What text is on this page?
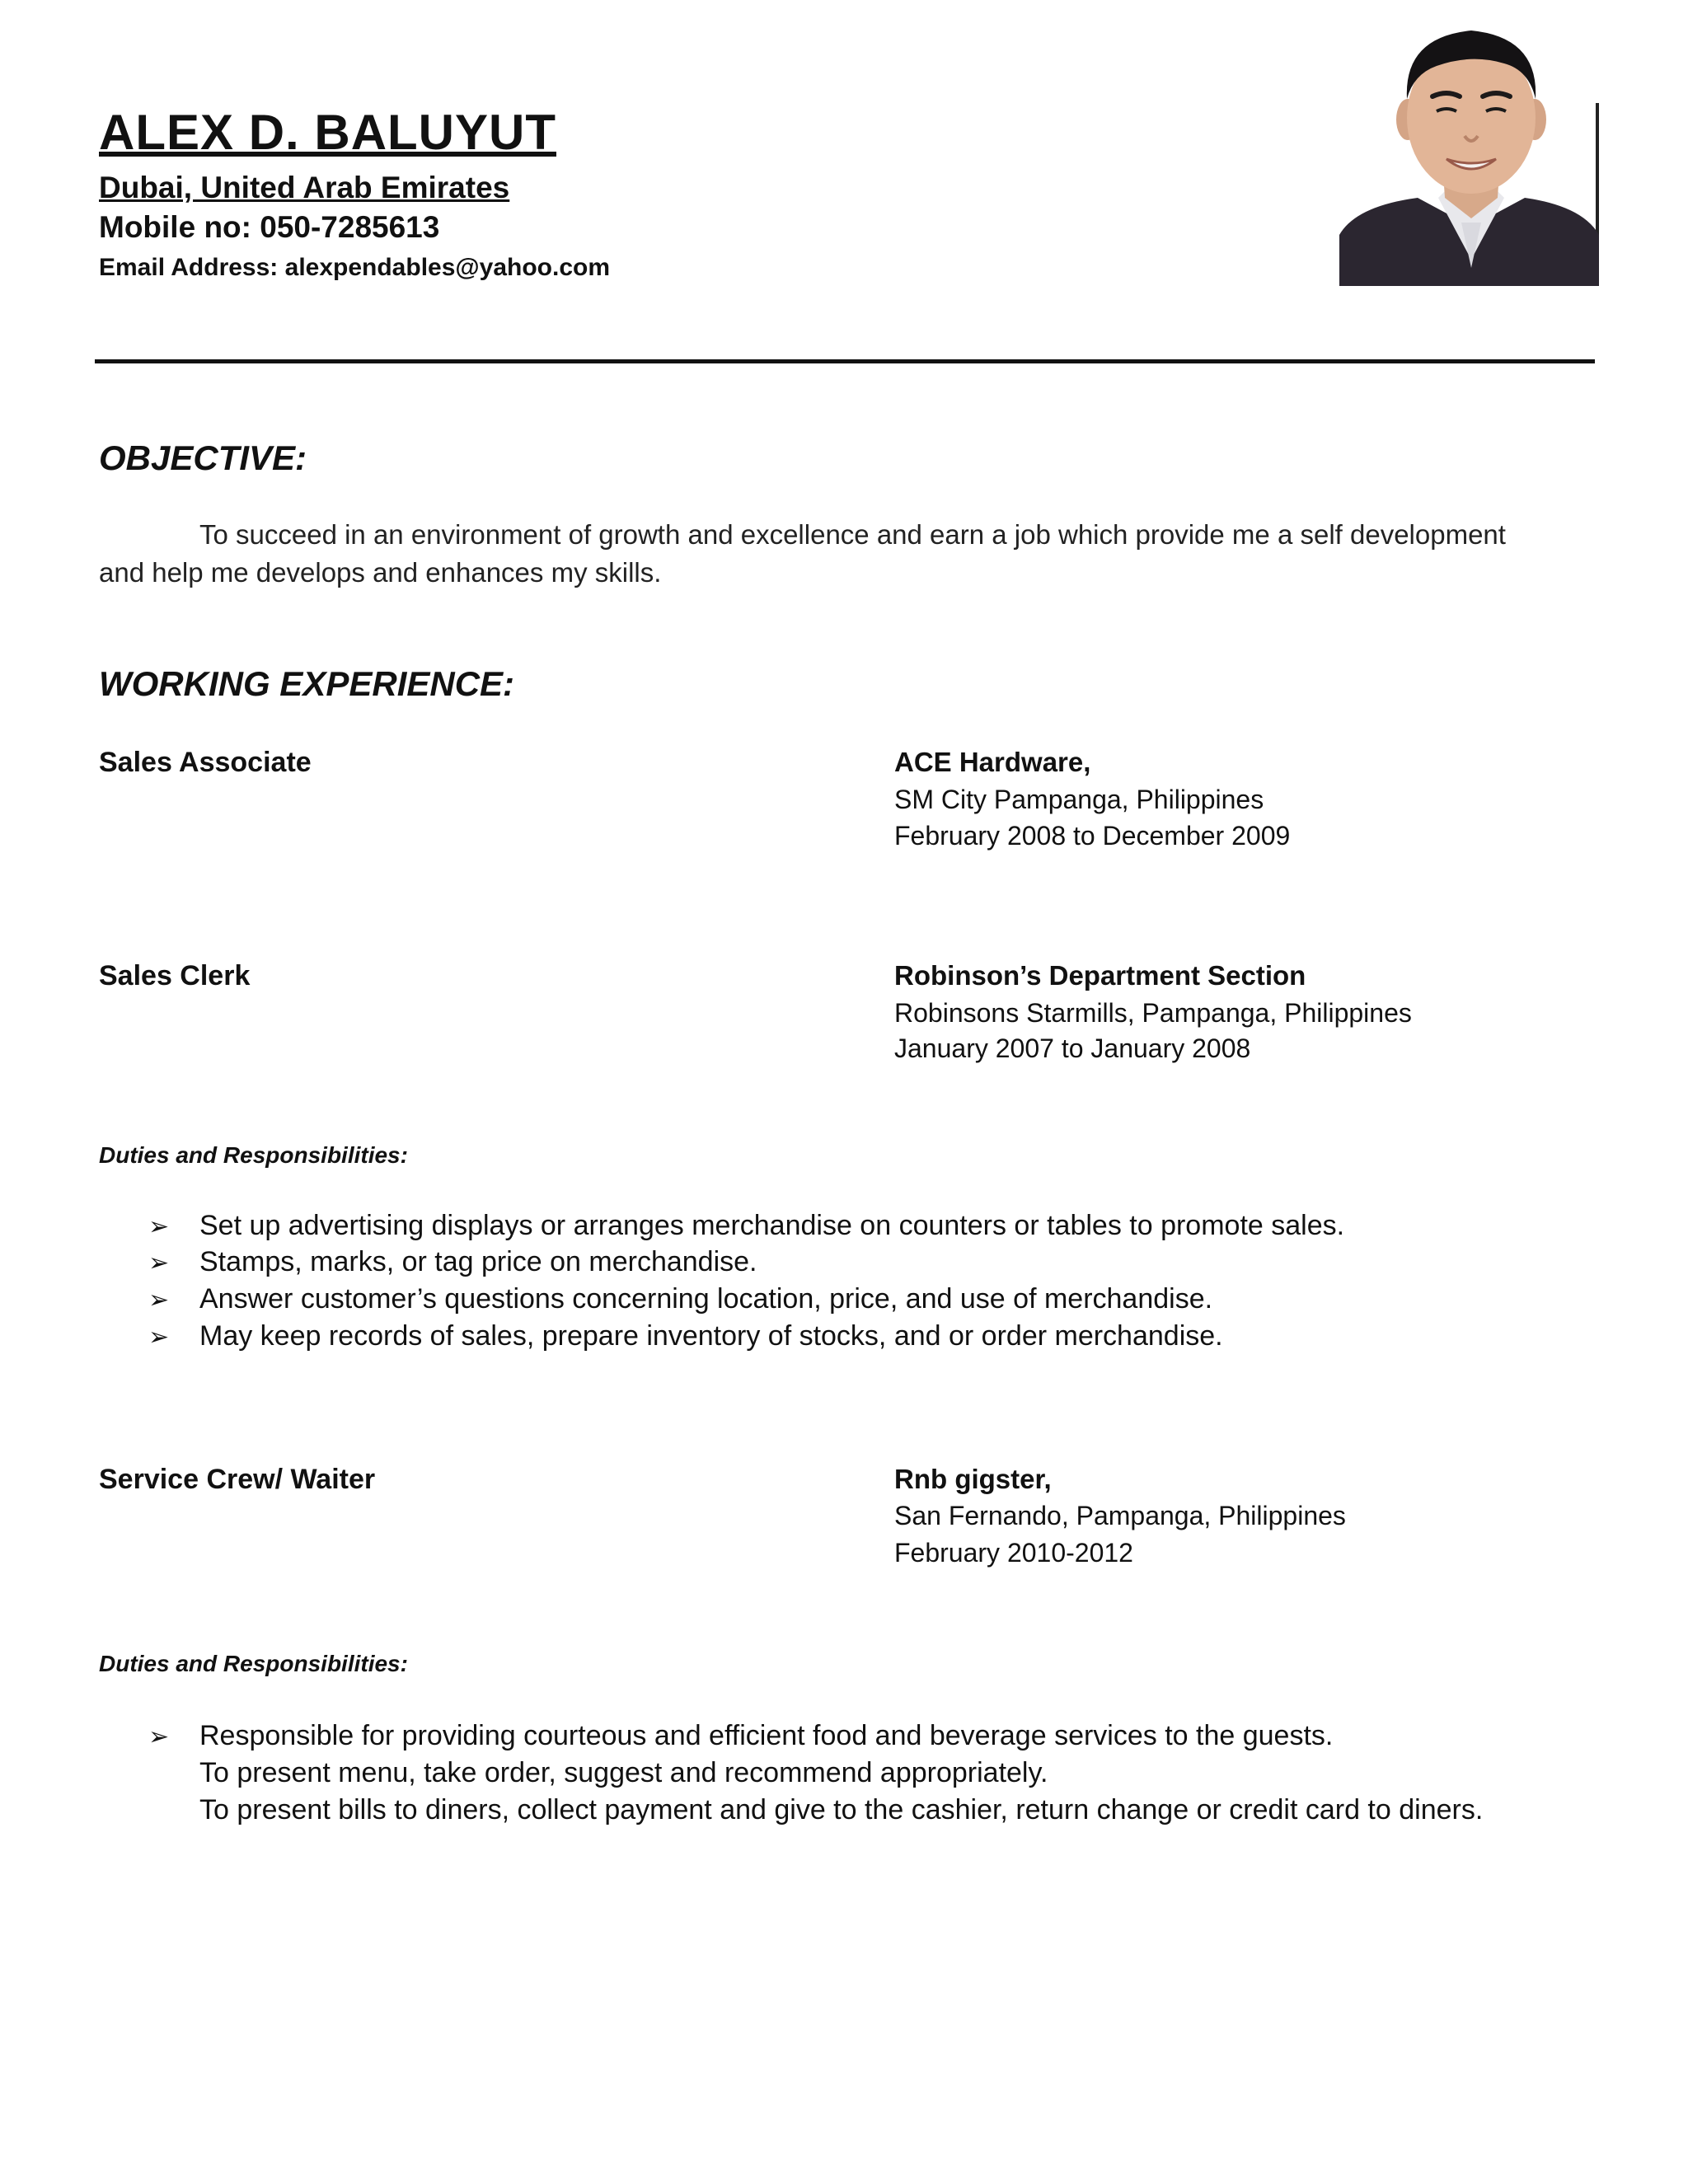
ALEX D. BALUYUT
Dubai, United Arab Emirates
Mobile no: 050-7285613
Email Address: alexpendables@yahoo.com
OBJECTIVE:
To succeed in an environment of growth and excellence and earn a job which provide me a self development and help me develops and enhances my skills.
WORKING EXPERIENCE:
Sales Associate	ACE Hardware,
SM City Pampanga, Philippines
February 2008 to December 2009
Sales Clerk	Robinson’s Department Section
Robinsons Starmills, Pampanga, Philippines
January 2007 to January 2008
Duties and Responsibilities:
➢ Set up advertising displays or arranges merchandise on counters or tables to promote sales.
➢ Stamps, marks, or tag price on merchandise.
➢ Answer customer’s questions concerning location, price, and use of merchandise.
➢ May keep records of sales, prepare inventory of stocks, and or order merchandise.
Service Crew/ Waiter	Rnb gigster,
San Fernando, Pampanga, Philippines
February 2010-2012
Duties and Responsibilities:
➢ Responsible for providing courteous and efficient food and beverage services to the guests.
To present menu, take order, suggest and recommend appropriately.
To present bills to diners, collect payment and give to the cashier, return change or credit card to diners.
